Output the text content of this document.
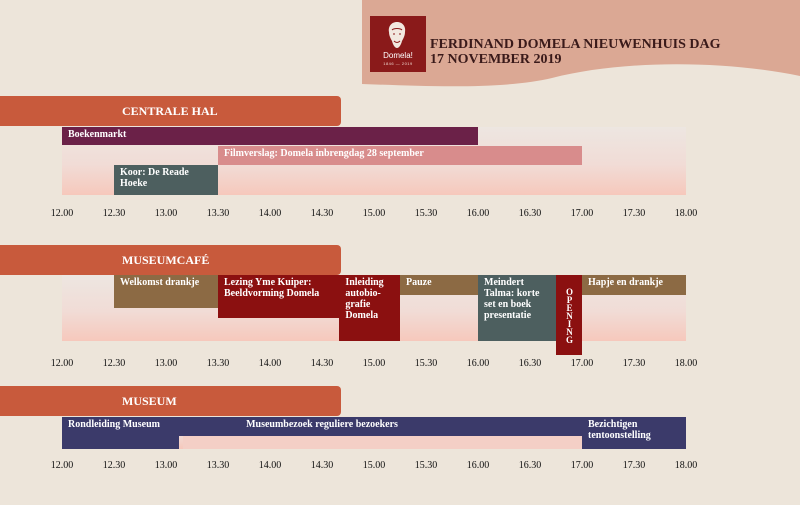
Domela!
1846 — 2019
FERDINAND DOMELA NIEUWENHUIS DAG
17 NOVEMBER 2019
CENTRALE HAL
Boekenmarkt
Filmverslag: Domela inbrengdag 28 september
Koor: De Reade Hoeke
12.00	12.30	13.00	13.30	14.00	14.30	15.00	15.30	16.00	16.30	17.00	17.30	18.00
MUSEUMCAFÉ
Welkomst drankje	Lezing Yme Kuiper: Beeldvorming Domela
Inleiding autobio-grafie Domela
Pauze	Meindert Talma: korte set en boek presentatie	OPENING
Hapje en drankje
12.00	12.30	13.00	13.30	14.00	14.30	15.00	15.30	16.00	16.30	17.00	17.30	18.00
MUSEUM
Rondleiding Museum	Museumbezoek reguliere bezoekers	Bezichtigen tentoonstelling
12.00	12.30	13.00	13.30	14.00	14.30	15.00	15.30	16.00	16.30	17.00	17.30	18.00
